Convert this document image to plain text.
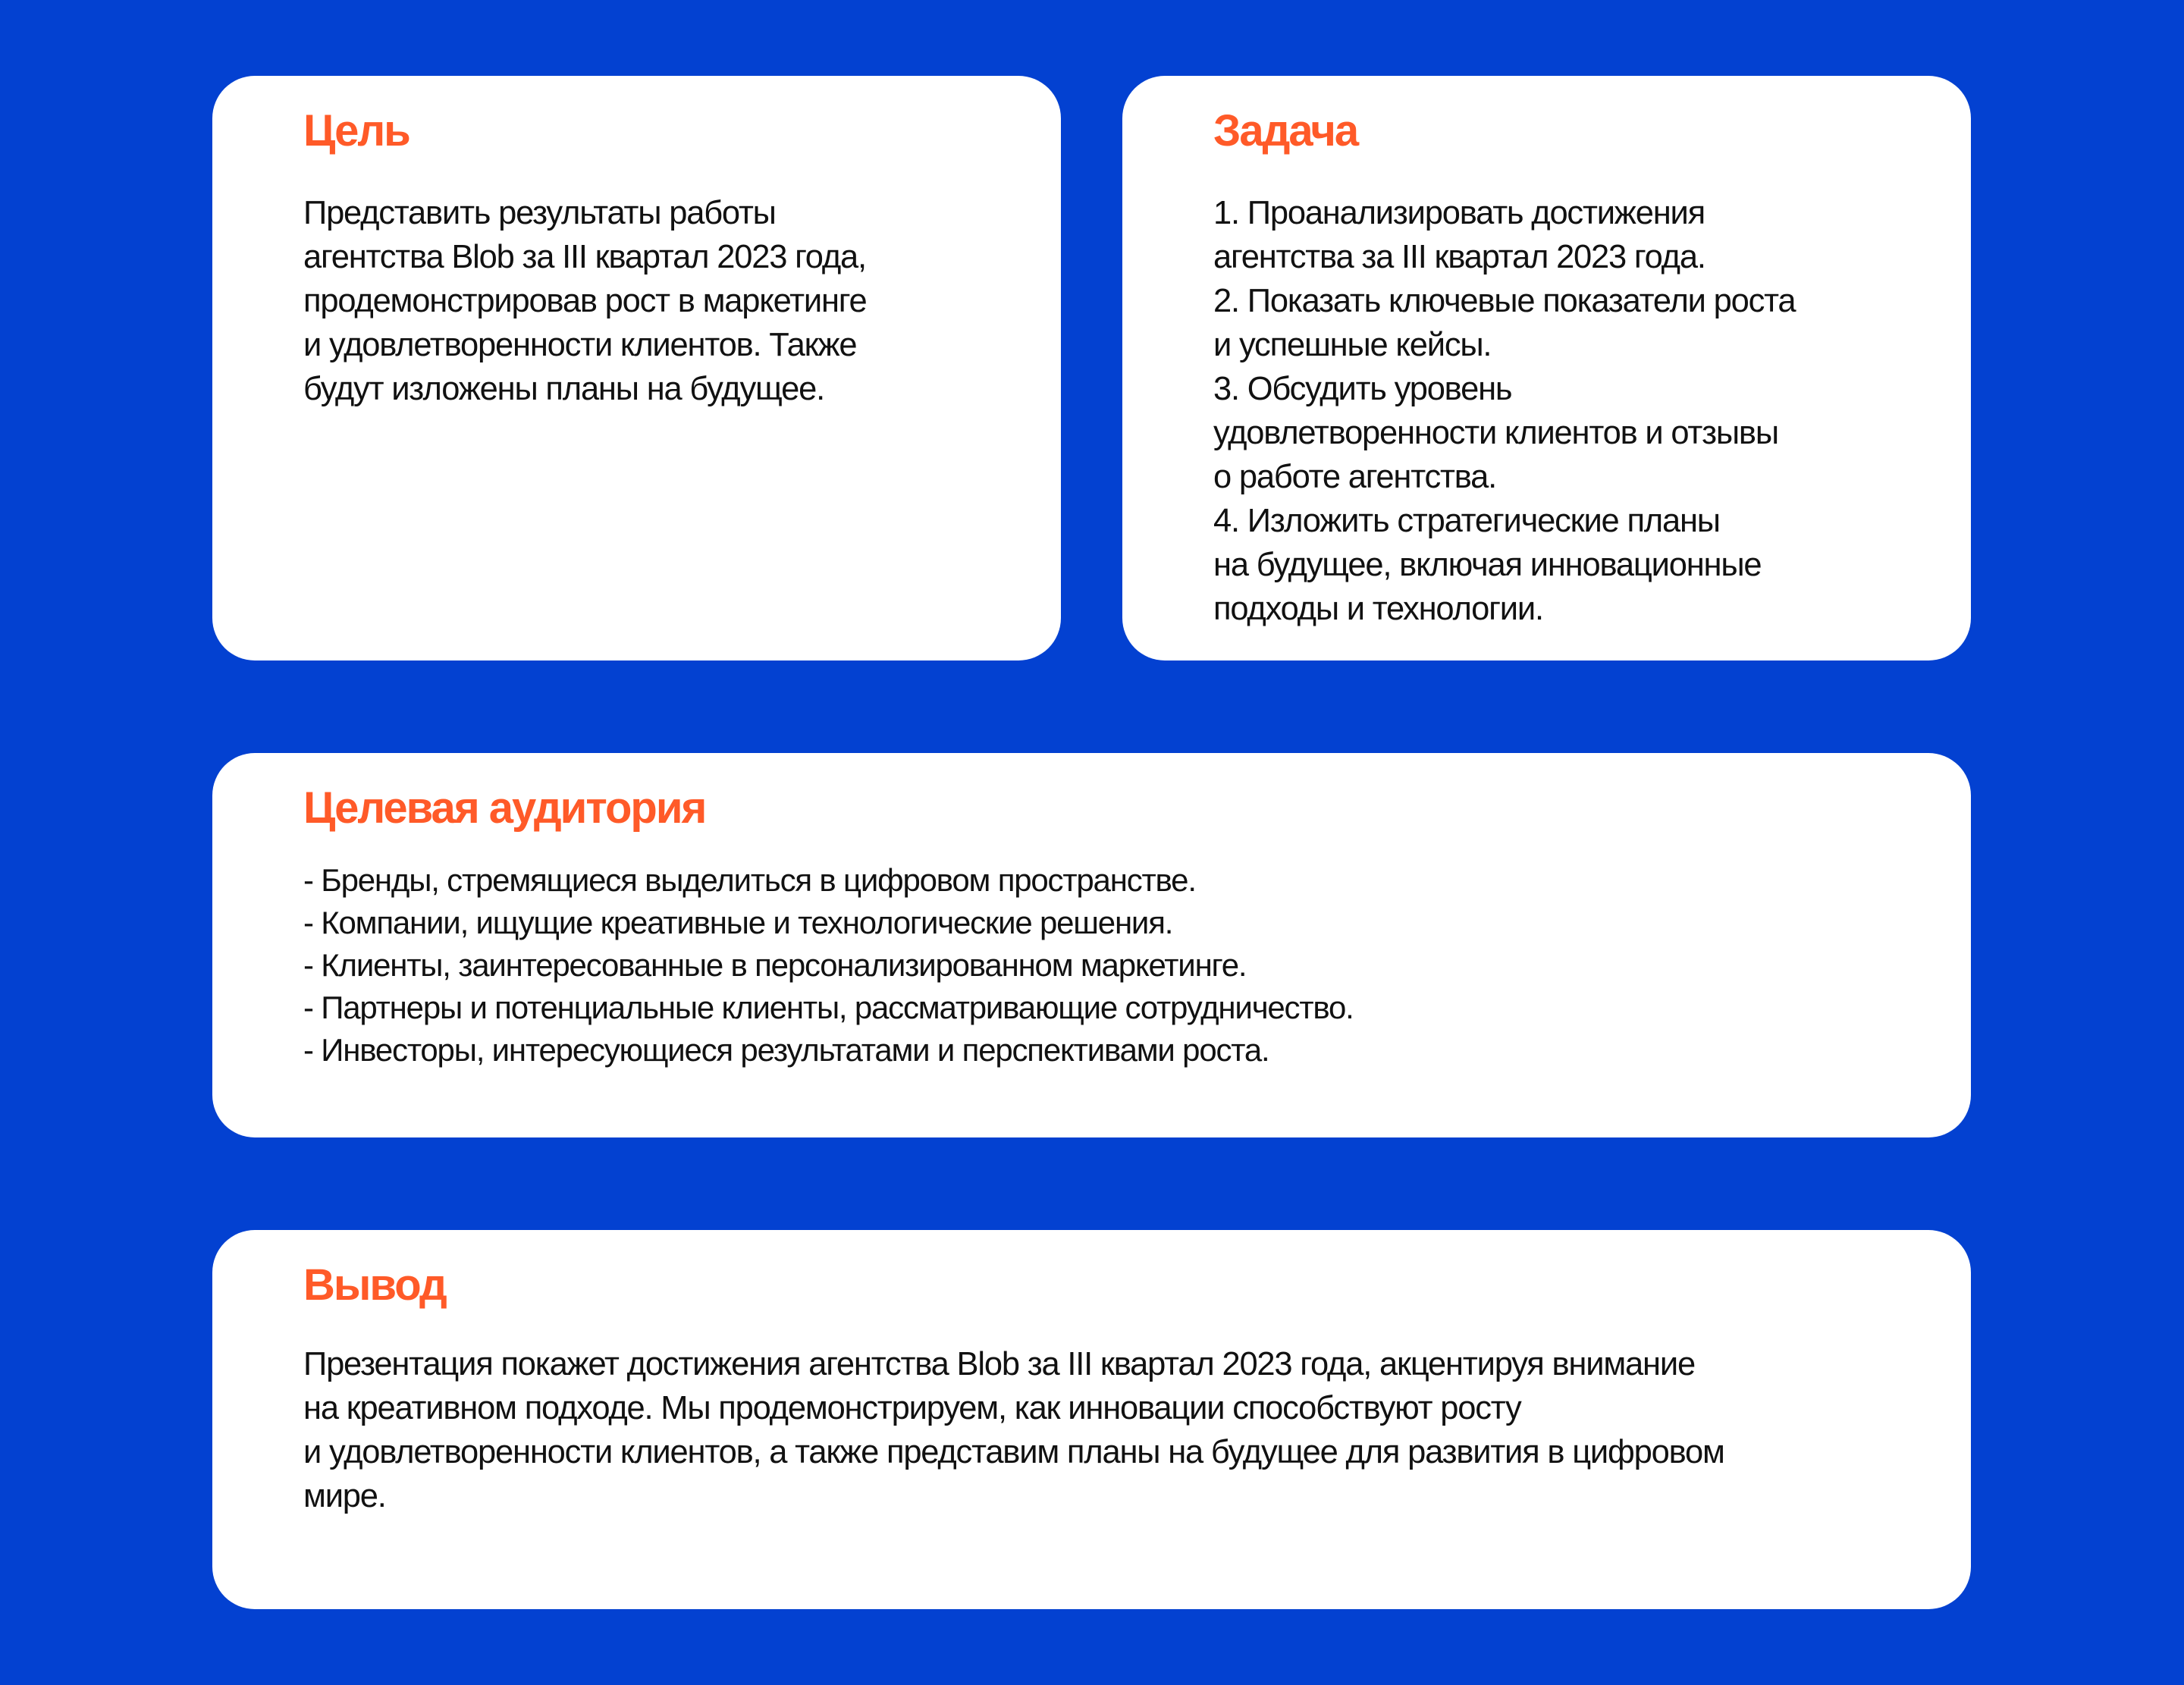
Цель

Представить результаты работы
агентства Blob за III квартал 2023 года,
продемонстрировав рост в маркетинге
и удовлетворенности клиентов. Также
будут изложены планы на будущее.

Задача

1. Проанализировать достижения
агентства за III квартал 2023 года.
2. Показать ключевые показатели роста
и успешные кейсы.
3. Обсудить уровень
удовлетворенности клиентов и отзывы
о работе агентства.
4. Изложить стратегические планы
на будущее, включая инновационные
подходы и технологии.

Целевая аудитория

- Бренды, стремящиеся выделиться в цифровом пространстве.
- Компании, ищущие креативные и технологические решения.
- Клиенты, заинтересованные в персонализированном маркетинге.
- Партнеры и потенциальные клиенты, рассматривающие сотрудничество.
- Инвесторы, интересующиеся результатами и перспективами роста.

Вывод

Презентация покажет достижения агентства Blob за III квартал 2023 года, акцентируя внимание
на креативном подходе. Мы продемонстрируем, как инновации способствуют росту
и удовлетворенности клиентов, а также представим планы на будущее для развития в цифровом
мире.
